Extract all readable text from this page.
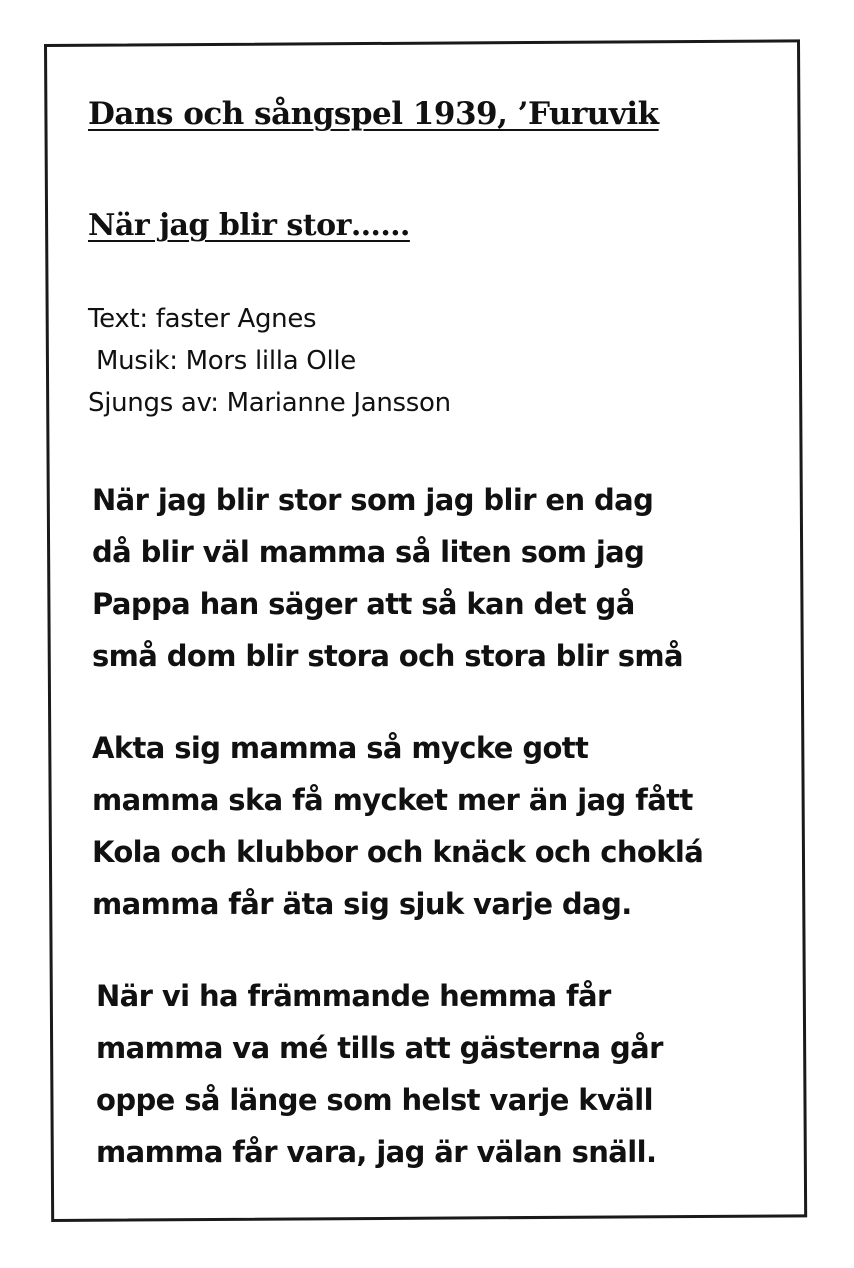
Dans och sångspel 1939, ’Furuvik
När jag blir stor……
Text: faster Agnes
Musik: Mors lilla Olle
Sjungs av: Marianne Jansson
När jag blir stor som jag blir en dag
då blir väl mamma så liten som jag
Pappa han säger att så kan det gå
små dom blir stora och stora blir små
Akta sig mamma så mycke gott
mamma ska få mycket mer än jag fått
Kola och klubbor och knäck och choklá
mamma får äta sig sjuk varje dag.
När vi ha främmande hemma får
mamma va mé tills att gästerna går
oppe så länge som helst varje kväll
mamma får vara, jag är välan snäll.
